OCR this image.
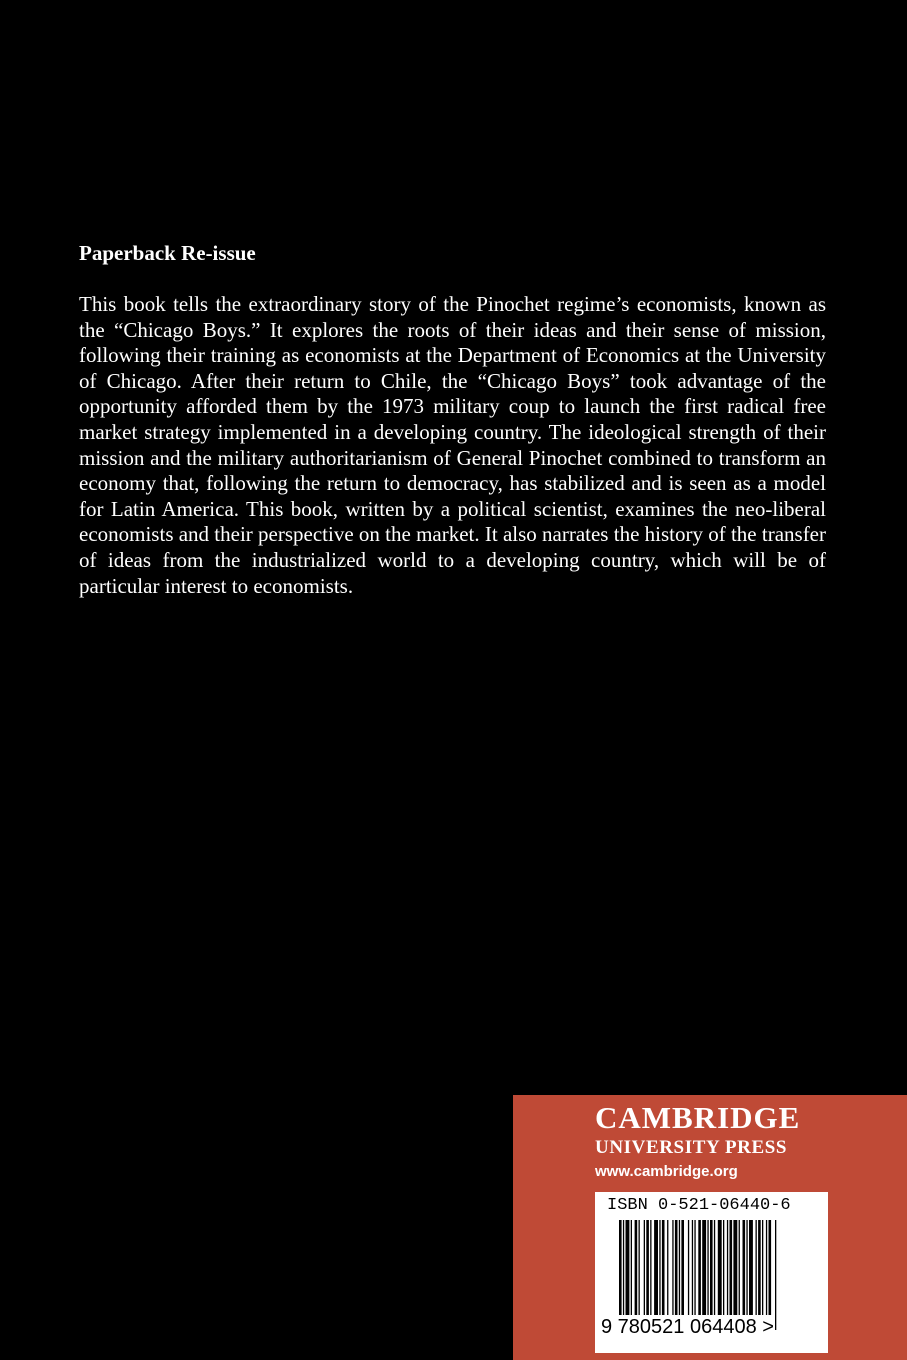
Paperback Re-issue

This book tells the extraordinary story of the Pinochet regime’s economists, known as the “Chicago Boys.” It explores the roots of their ideas and their sense of mission, following their training as economists at the Department of Economics at the University of Chicago. After their return to Chile, the “Chicago Boys” took advantage of the opportunity afforded them by the 1973 military coup to launch the first radical free market strategy implemented in a developing country. The ideological strength of their mission and the military authoritarianism of General Pinochet combined to transform an economy that, following the return to democracy, has stabilized and is seen as a model for Latin America. This book, written by a political scientist, examines the neo-liberal economists and their perspective on the market. It also narrates the history of the transfer of ideas from the industrialized world to a developing country, which will be of particular interest to economists.

CAMBRIDGE
UNIVERSITY PRESS
www.cambridge.org
ISBN 0-521-06440-6
9 780521 064408 >
